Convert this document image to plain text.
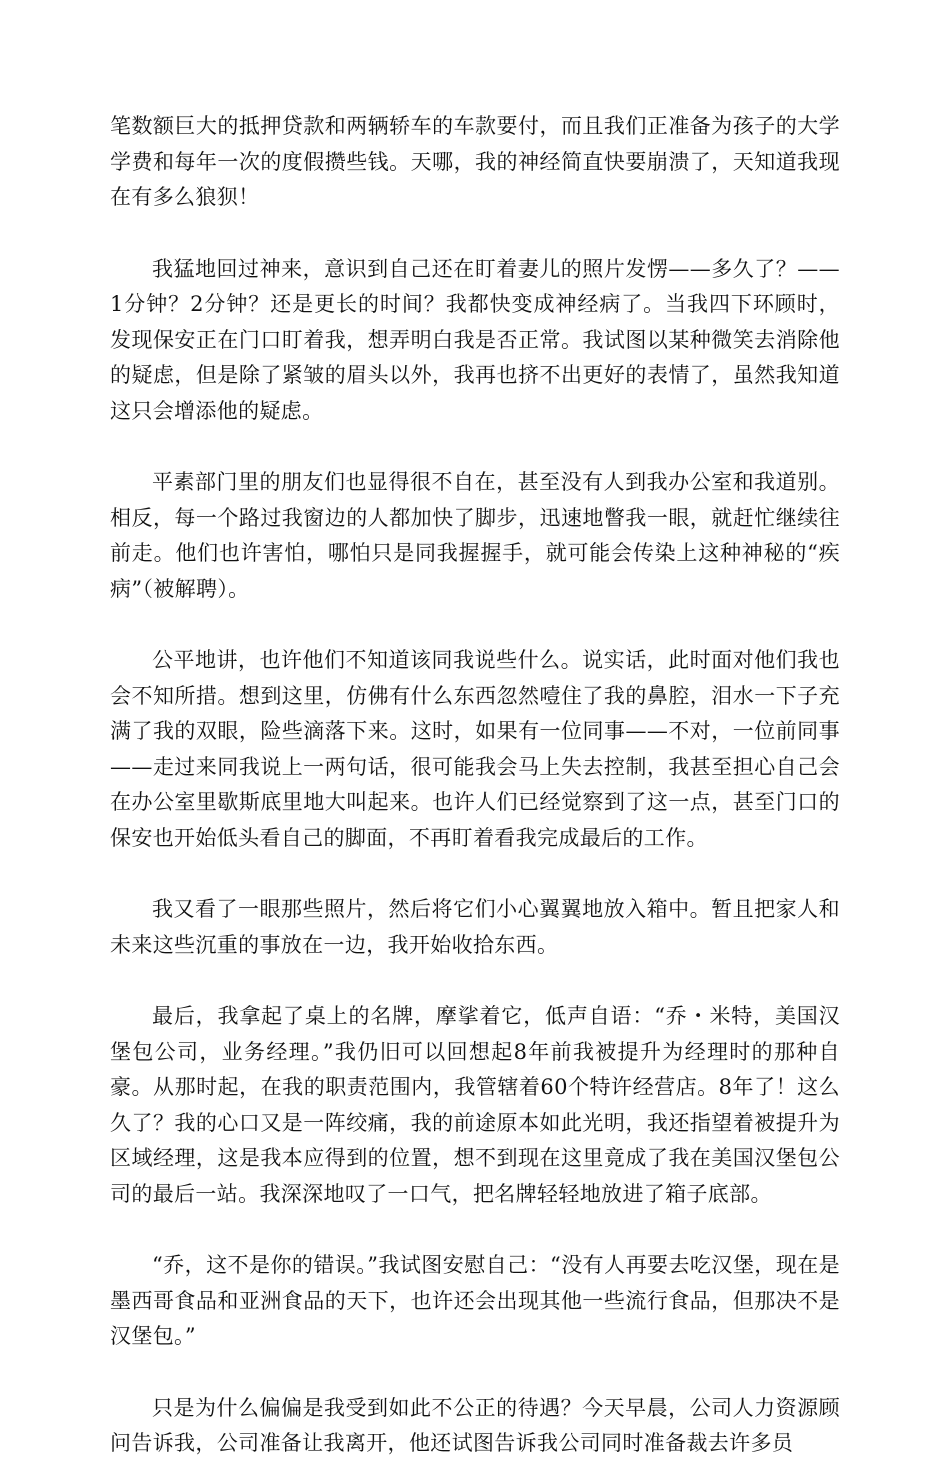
笔数额巨大的抵押贷款和两辆轿车的车款要付，而且我们正准备为孩子的大学学费和每年一次的度假攒些钱。天哪，我的神经简直快要崩溃了，天知道我现在有多么狼狈！

我猛地回过神来，意识到自己还在盯着妻儿的照片发愣——多久了？——1分钟？2分钟？还是更长的时间？我都快变成神经病了。当我四下环顾时，发现保安正在门口盯着我，想弄明白我是否正常。我试图以某种微笑去消除他的疑虑，但是除了紧皱的眉头以外，我再也挤不出更好的表情了，虽然我知道这只会增添他的疑虑。

平素部门里的朋友们也显得很不自在，甚至没有人到我办公室和我道别。相反，每一个路过我窗边的人都加快了脚步，迅速地瞥我一眼，就赶忙继续往前走。他们也许害怕，哪怕只是同我握握手，就可能会传染上这种神秘的“疾病”（被解聘）。

公平地讲，也许他们不知道该同我说些什么。说实话，此时面对他们我也会不知所措。想到这里，仿佛有什么东西忽然噎住了我的鼻腔，泪水一下子充满了我的双眼，险些滴落下来。这时，如果有一位同事——不对，一位前同事——走过来同我说上一两句话，很可能我会马上失去控制，我甚至担心自己会在办公室里歇斯底里地大叫起来。也许人们已经觉察到了这一点，甚至门口的保安也开始低头看自己的脚面，不再盯着看我完成最后的工作。

我又看了一眼那些照片，然后将它们小心翼翼地放入箱中。暂且把家人和未来这些沉重的事放在一边，我开始收拾东西。

最后，我拿起了桌上的名牌，摩挲着它，低声自语：“乔・米特，美国汉堡包公司，业务经理。”我仍旧可以回想起8年前我被提升为经理时的那种自豪。从那时起，在我的职责范围内，我管辖着60个特许经营店。8年了！这么久了？我的心口又是一阵绞痛，我的前途原本如此光明，我还指望着被提升为区域经理，这是我本应得到的位置，想不到现在这里竟成了我在美国汉堡包公司的最后一站。我深深地叹了一口气，把名牌轻轻地放进了箱子底部。

“乔，这不是你的错误。”我试图安慰自己：“没有人再要去吃汉堡，现在是墨西哥食品和亚洲食品的天下，也许还会出现其他一些流行食品，但那决不是汉堡包。”

只是为什么偏偏是我受到如此不公正的待遇？今天早晨，公司人力资源顾问告诉我，公司准备让我离开，他还试图告诉我公司同时准备裁去许多员
